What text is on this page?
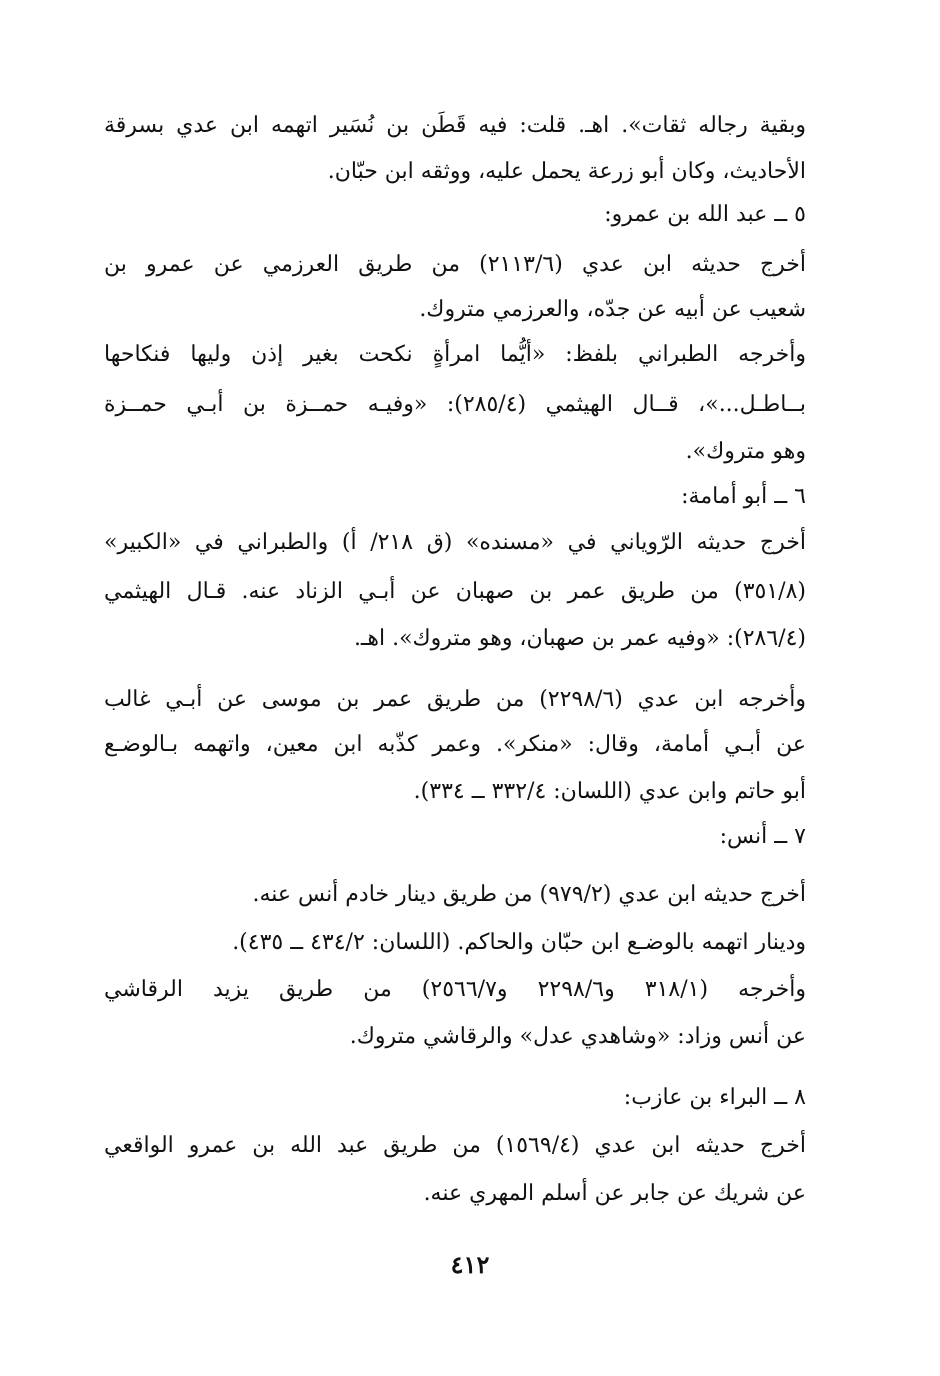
وبقية رجاله ثقات». اهـ. قلت: فيه قَطَن بن نُسَير اتهمه ابن عدي بسرقة
الأحاديث، وكان أبو زرعة يحمل عليه، ووثقه ابن حبّان.
٥ ــ عبد الله بن عمرو:
أخرج حديثه ابن عدي (٢١١٣/٦) من طريق العرزمي عن عمرو بن
شعيب عن أبيه عن جدّه، والعرزمي متروك.
وأخرجه الطبراني بلفظ: «أيُّما امرأةٍ نكحت بغير إذن وليها فنكاحها
بــاطـل...»، قــال الهيثمي (٢٨٥/٤): «وفيـه حمــزة بن أبـي حمــزة
وهو متروك».
٦ ــ أبو أمامة:
أخرج حديثه الرّوياني في «مسنده» (ق ٢١٨/ أ) والطبراني في «الكبير»
(٣٥١/٨) من طريق عمر بن صهبان عن أبـي الزناد عنه. قـال الهيثمي
(٢٨٦/٤): «وفيه عمر بن صهبان، وهو متروك». اهـ.
وأخرجه ابن عدي (٢٢٩٨/٦) من طريق عمر بن موسى عن أبـي غالب
عن أبـي أمامة، وقال: «منكر». وعمر كذّبه ابن معين، واتهمه بـالوضـع
أبو حاتم وابن عدي (اللسان: ٣٣٢/٤ ــ ٣٣٤).
٧ ــ أنس:
أخرج حديثه ابن عدي (٩٧٩/٢) من طريق دينار خادم أنس عنه.
ودينار اتهمه بالوضـع ابن حبّان والحاكم. (اللسان: ٤٣٤/٢ ــ ٤٣٥).
وأخرجه (٣١٨/١ و٢٢٩٨/٦ و٢٥٦٦/٧) من طريق يزيد الرقاشي
عن أنس وزاد: «وشاهدي عدل» والرقاشي متروك.
٨ ــ البراء بن عازب:
أخرج حديثه ابن عدي (١٥٦٩/٤) من طريق عبد الله بن عمرو الواقعي
عن شريك عن جابر عن أسلم المهري عنه.
٤١٢
